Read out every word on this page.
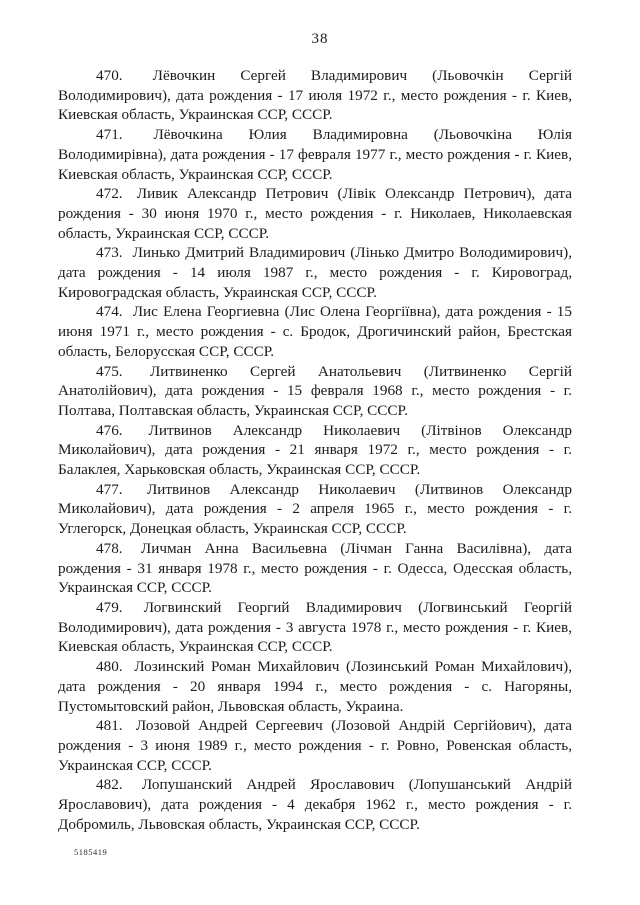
38

470. Лёвочкин Сергей Владимирович (Льовочкін Сергій Володимирович), дата рождения - 17 июля 1972 г., место рождения - г. Киев, Киевская область, Украинская ССР, СССР.

471. Лёвочкина Юлия Владимировна (Льовочкіна Юлія Володимирівна), дата рождения - 17 февраля 1977 г., место рождения - г. Киев, Киевская область, Украинская ССР, СССР.

472. Ливик Александр Петрович (Лівік Олександр Петрович), дата рождения - 30 июня 1970 г., место рождения - г. Николаев, Николаевская область, Украинская ССР, СССР.

473. Линько Дмитрий Владимирович (Лінько Дмитро Володимирович), дата рождения - 14 июля 1987 г., место рождения - г. Кировоград, Кировоградская область, Украинская ССР, СССР.

474. Лис Елена Георгиевна (Лис Олена Георгіївна), дата рождения - 15 июня 1971 г., место рождения - с. Бродок, Дрогичинский район, Брестская область, Белорусская ССР, СССР.

475. Литвиненко Сергей Анатольевич (Литвиненко Сергій Анатолійович), дата рождения - 15 февраля 1968 г., место рождения - г. Полтава, Полтавская область, Украинская ССР, СССР.

476. Литвинов Александр Николаевич (Літвінов Олександр Миколайович), дата рождения - 21 января 1972 г., место рождения - г. Балаклея, Харьковская область, Украинская ССР, СССР.

477. Литвинов Александр Николаевич (Литвинов Олександр Миколайович), дата рождения - 2 апреля 1965 г., место рождения - г. Углегорск, Донецкая область, Украинская ССР, СССР.

478. Личман Анна Васильевна (Лічман Ганна Василівна), дата рождения - 31 января 1978 г., место рождения - г. Одесса, Одесская область, Украинская ССР, СССР.

479. Логвинский Георгий Владимирович (Логвинський Георгій Володимирович), дата рождения - 3 августа 1978 г., место рождения - г. Киев, Киевская область, Украинская ССР, СССР.

480. Лозинский Роман Михайлович (Лозинський Роман Михайлович), дата рождения - 20 января 1994 г., место рождения - с. Нагоряны, Пустомытовский район, Львовская область, Украина.

481. Лозовой Андрей Сергеевич (Лозовой Андрій Сергійович), дата рождения - 3 июня 1989 г., место рождения - г. Ровно, Ровенская область, Украинская ССР, СССР.

482. Лопушанский Андрей Ярославович (Лопушанський Андрій Ярославович), дата рождения - 4 декабря 1962 г., место рождения - г. Добромиль, Львовская область, Украинская ССР, СССР.

5185419
